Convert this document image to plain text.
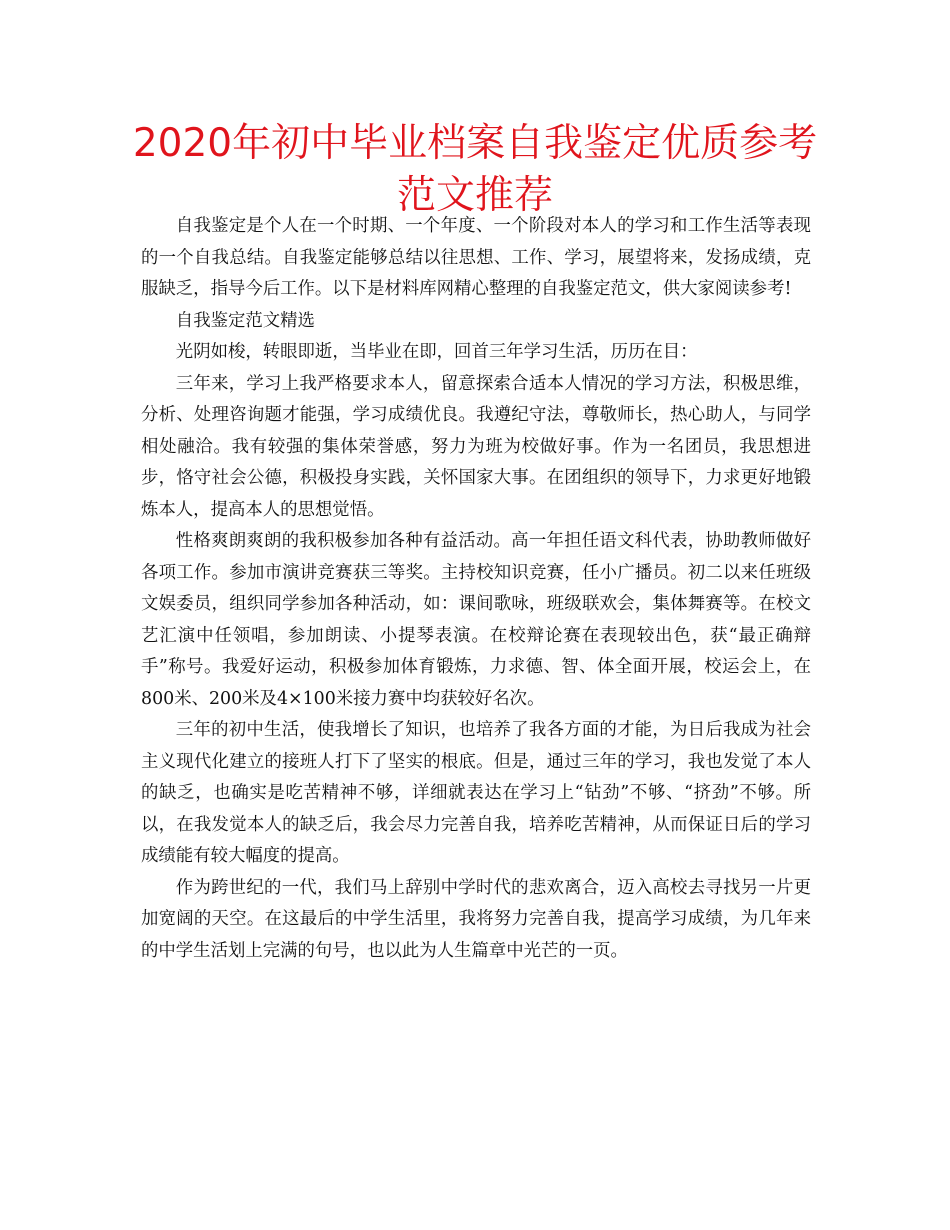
2020年初中毕业档案自我鉴定优质参考范文推荐

自我鉴定是个人在一个时期、一个年度、一个阶段对本人的学习和工作生活等表现的一个自我总结。自我鉴定能够总结以往思想、工作、学习，展望将来，发扬成绩，克服缺乏，指导今后工作。以下是材料库网精心整理的自我鉴定范文，供大家阅读参考!

自我鉴定范文精选

光阴如梭，转眼即逝，当毕业在即，回首三年学习生活，历历在目：

三年来，学习上我严格要求本人，留意探索合适本人情况的学习方法，积极思维，分析、处理咨询题才能强，学习成绩优良。我遵纪守法，尊敬师长，热心助人，与同学相处融洽。我有较强的集体荣誉感，努力为班为校做好事。作为一名团员，我思想进步，恪守社会公德，积极投身实践，关怀国家大事。在团组织的领导下，力求更好地锻炼本人，提高本人的思想觉悟。

性格爽朗爽朗的我积极参加各种有益活动。高一年担任语文科代表，协助教师做好各项工作。参加市演讲竞赛获三等奖。主持校知识竞赛，任小广播员。初二以来任班级文娱委员，组织同学参加各种活动，如：课间歌咏，班级联欢会，集体舞赛等。在校文艺汇演中任领唱，参加朗读、小提琴表演。在校辩论赛在表现较出色，获“最正确辩手”称号。我爱好运动，积极参加体育锻炼，力求德、智、体全面开展，校运会上，在800米、200米及4×100米接力赛中均获较好名次。

三年的初中生活，使我增长了知识，也培养了我各方面的才能，为日后我成为社会主义现代化建立的接班人打下了坚实的根底。但是，通过三年的学习，我也发觉了本人的缺乏，也确实是吃苦精神不够，详细就表达在学习上“钻劲”不够、“挤劲”不够。所以，在我发觉本人的缺乏后，我会尽力完善自我，培养吃苦精神，从而保证日后的学习成绩能有较大幅度的提高。

作为跨世纪的一代，我们马上辞别中学时代的悲欢离合，迈入高校去寻找另一片更加宽阔的天空。在这最后的中学生活里，我将努力完善自我，提高学习成绩，为几年来的中学生活划上完满的句号，也以此为人生篇章中光芒的一页。
